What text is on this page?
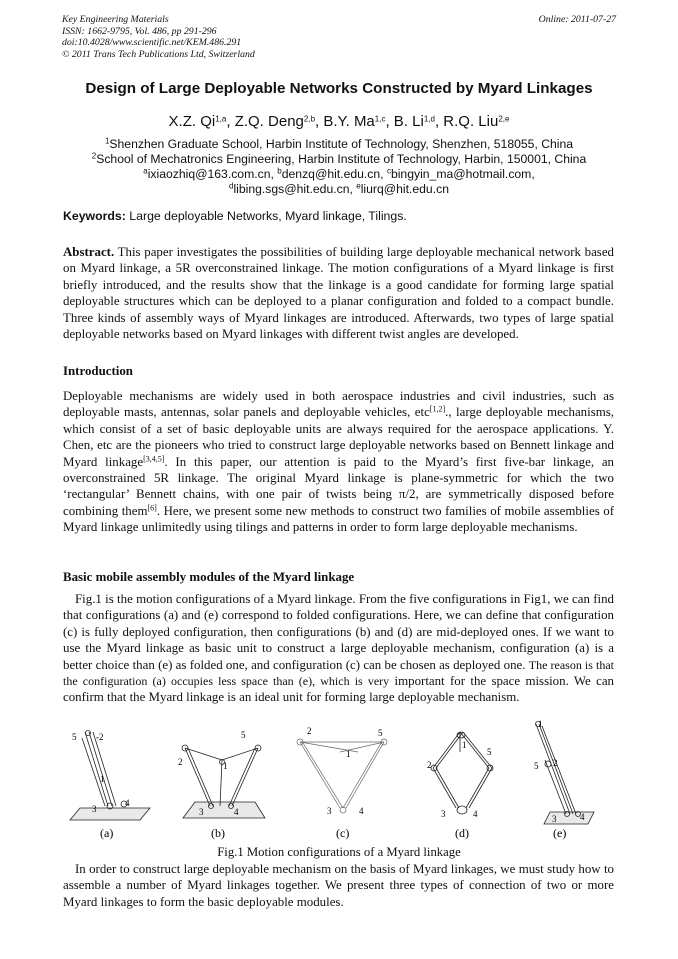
Key Engineering Materials
ISSN: 1662-9795, Vol. 486, pp 291-296
doi:10.4028/www.scientific.net/KEM.486.291
© 2011 Trans Tech Publications Ltd, Switzerland
Online: 2011-07-27
Design of Large Deployable Networks Constructed by Myard Linkages
X.Z. Qi$^{1,a}$, Z.Q. Deng$^{2,b}$, B.Y. Ma$^{1,c}$, B. Li$^{1,d}$, R.Q. Liu$^{2,e}$
$^1$Shenzhen Graduate School, Harbin Institute of Technology, Shenzhen, 518055, China
$^2$School of Mechatronics Engineering, Harbin Institute of Technology, Harbin, 150001, China
$^a$ixiaozhiq@163.com.cn, $^b$denzq@hit.edu.cn, $^c$bingyin_ma@hotmail.com,
$^d$libing.sgs@hit.edu.cn, $^e$liurq@hit.edu.cn
Keywords: Large deployable Networks, Myard linkage, Tilings.
Abstract. This paper investigates the possibilities of building large deployable mechanical network based on Myard linkage, a 5R overconstrained linkage. The motion configurations of a Myard linkage is first briefly introduced, and the results show that the linkage is a good candidate for forming large spatial deployable structures which can be deployed to a planar configuration and folded to a compact bundle. Three kinds of assembly ways of Myard linkages are introduced. Afterwards, two types of large spatial deployable networks based on Myard linkages with different twist angles are developed.
Introduction
Deployable mechanisms are widely used in both aerospace industries and civil industries, such as deployable masts, antennas, solar panels and deployable vehicles, etc[1,2]., large deployable mechanisms, which consist of a set of basic deployable units are always required for the aerospace applications. Y. Chen, etc are the pioneers who tried to construct large deployable networks based on Bennett linkage and Myard linkage[3,4,5]. In this paper, our attention is paid to the Myard’s first five-bar linkage, an overconstrained 5R linkage. The original Myard linkage is plane-symmetric for which the two ‘rectangular’ Bennett chains, with one pair of twists being π/2, are symmetrically disposed before combining them[6]. Here, we present some new methods to construct two families of mobile assemblies of Myard linkage unlimitedly using tilings and patterns in order to form large deployable mechanisms.
Basic mobile assembly modules of the Myard linkage
Fig.1 is the motion configurations of a Myard linkage. From the five configurations in Fig1, we can find that configurations (a) and (e) correspond to folded configurations. Here, we can define that configuration (c) is fully deployed configuration, then configurations (b) and (d) are mid-deployed ones. If we want to use the Myard linkage as basic unit to construct a large deployable mechanism, configuration (a) is a better choice than (e) as folded one, and configuration (c) can be chosen as deployed one. The reason is that the configuration (a) occupies less space than (e), which is very important for the space mission. We can confirm that the Myard linkage is an ideal unit for forming large deployable mechanism.
5 -2
1
3
4
2
5
1
3	4
2	5
1
3	4
2
5
1
3	4
1
5 2
3	4
(a)	(b)	(c)	(d)	(e)
Fig.1 Motion configurations of a Myard linkage
In order to construct large deployable mechanism on the basis of Myard linkages, we must study how to assemble a number of Myard linkages together. We present three types of connection of two or more Myard linkages to form the basic deployable modules.
